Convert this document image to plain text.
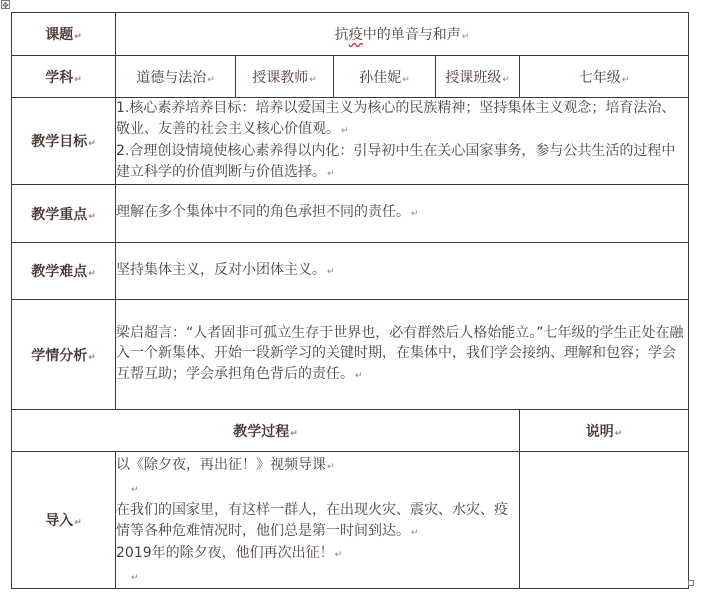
✥
课题↵	抗疫中的单音与和声↵				
学科↵	道德与法治↵	授课教师↵	孙佳妮↵	授课班级↵	七年级↵
教学目标↵	1.核心素养培养目标：培养以爱国主义为核心的民族精神；坚持集体主义观念；培育法治、敬业、友善的社会主义核心价值观。↵
2.合理创设情境使核心素养得以内化：引导初中生在关心国家事务，参与公共生活的过程中建立科学的价值判断与价值选择。↵				

教学重点↵	理解在多个集体中不同的角色承担不同的责任。↵				
教学难点↵	坚持集体主义，反对小团体主义。↵				
学情分析↵	梁启超言：“人者固非可孤立生存于世界也，必有群然后人格始能立。”七年级的学生正处在融入一个新集体、开始一段新学习的关键时期，在集体中，我们学会接纳、理解和包容；学会互帮互助；学会承担角色背后的责任。↵				
教学过程↵					说明↵
导入↵	以《除夕夜，再出征！》视频导课↵
↵
在我们的国家里，有这样一群人，在出现火灾、震灾、水灾、疫情等各种危难情况时，他们总是第一时间到达。↵
2019年的除夕夜，他们再次出征！↵
↵				
